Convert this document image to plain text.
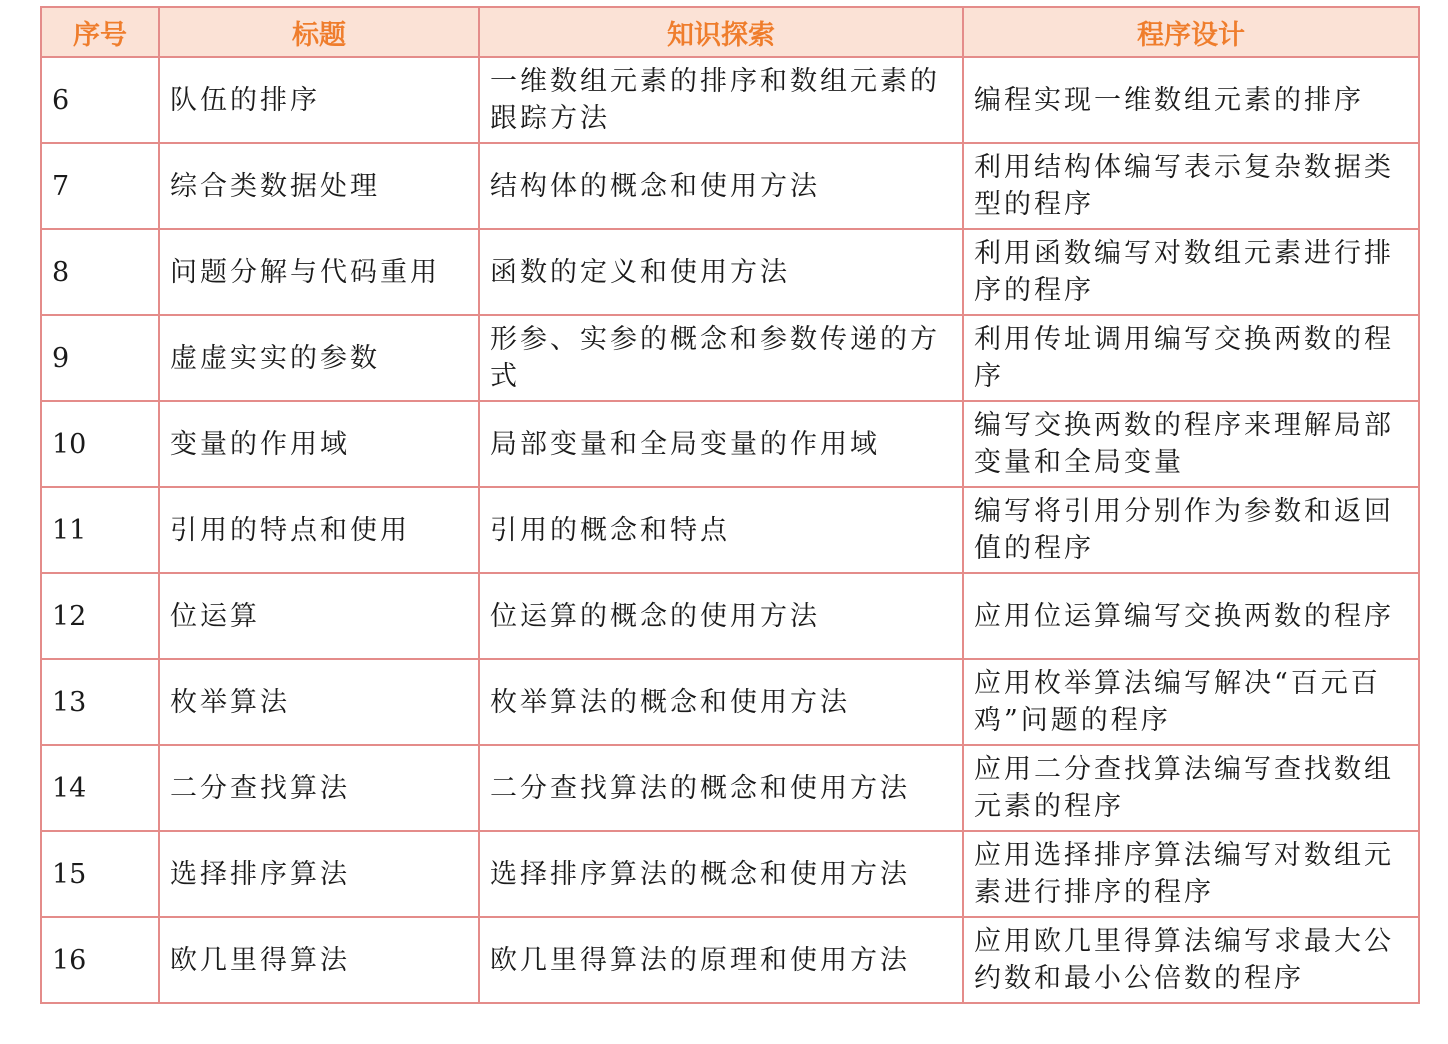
序号	标题	知识探索	程序设计
6	队伍的排序	一维数组元素的排序和数组元素的跟踪方法	编程实现一维数组元素的排序
7	综合类数据处理	结构体的概念和使用方法	利用结构体编写表示复杂数据类型的程序
8	问题分解与代码重用	函数的定义和使用方法	利用函数编写对数组元素进行排序的程序
9	虚虚实实的参数	形参、实参的概念和参数传递的方式	利用传址调用编写交换两数的程序
10	变量的作用域	局部变量和全局变量的作用域	编写交换两数的程序来理解局部变量和全局变量
11	引用的特点和使用	引用的概念和特点	编写将引用分别作为参数和返回值的程序
12	位运算	位运算的概念的使用方法	应用位运算编写交换两数的程序
13	枚举算法	枚举算法的概念和使用方法	应用枚举算法编写解决“百元百鸡”问题的程序
14	二分查找算法	二分查找算法的概念和使用方法	应用二分查找算法编写查找数组元素的程序
15	选择排序算法	选择排序算法的概念和使用方法	应用选择排序算法编写对数组元素进行排序的程序
16	欧几里得算法	欧几里得算法的原理和使用方法	应用欧几里得算法编写求最大公约数和最小公倍数的程序
